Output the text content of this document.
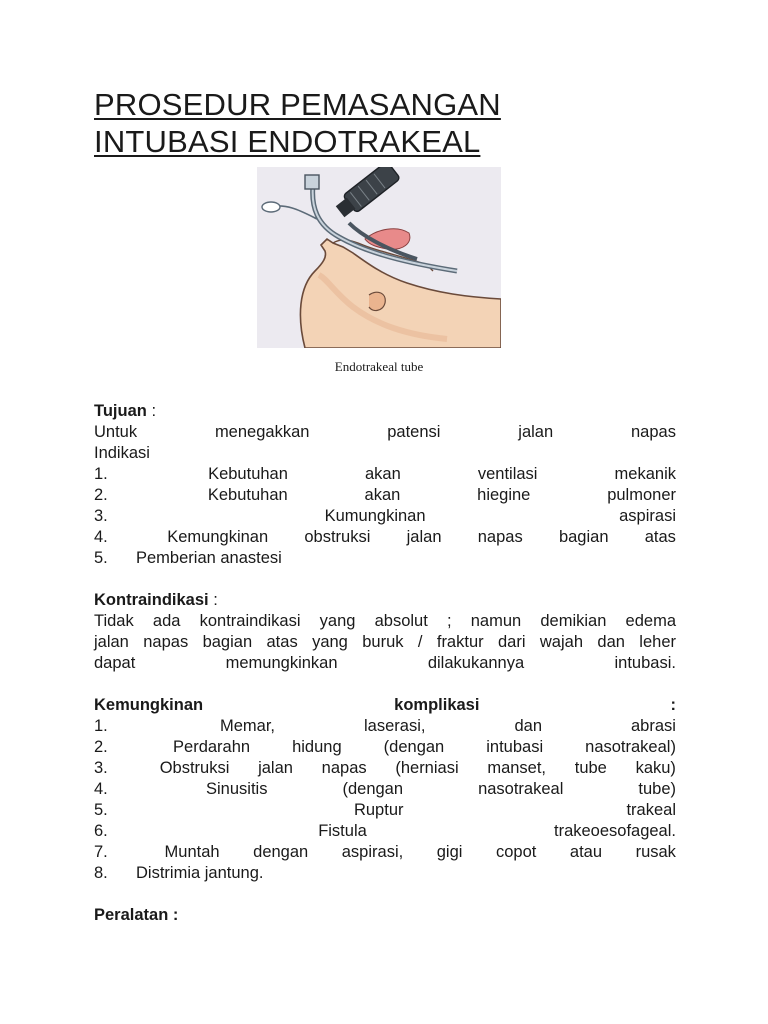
PROSEDUR PEMASANGAN
INTUBASI ENDOTRAKEAL
Endotrakeal tube
Tujuan :
Untuk	menegakkan	patensi	jalan	napas
Indikasi
1.	Kebutuhan	akan	ventilasi	mekanik
2.	Kebutuhan	akan	hiegine	pulmoner
3.	Kumungkinan	aspirasi
4.	Kemungkinan obstruksi jalan napas bagian atas
5.	Pemberian anastesi
Kontraindikasi :
Tidak ada kontraindikasi yang absolut ; namun demikian edema
jalan napas bagian atas yang buruk / fraktur dari wajah dan leher
dapat	memungkinkan	dilakukannya	intubasi.
Kemungkinan	komplikasi	:
1.	Memar,	laserasi,	dan	abrasi
2.	Perdarahn	hidung	(dengan	intubasi	nasotrakeal)
3.	Obstruksi jalan napas (herniasi manset, tube kaku)
4.	Sinusitis	(dengan	nasotrakeal	tube)
5.	Ruptur	trakeal
6.	Fistula	trakeoesofageal.
7.	Muntah dengan aspirasi, gigi copot atau rusak
8.	Distrimia jantung.
Peralatan :
